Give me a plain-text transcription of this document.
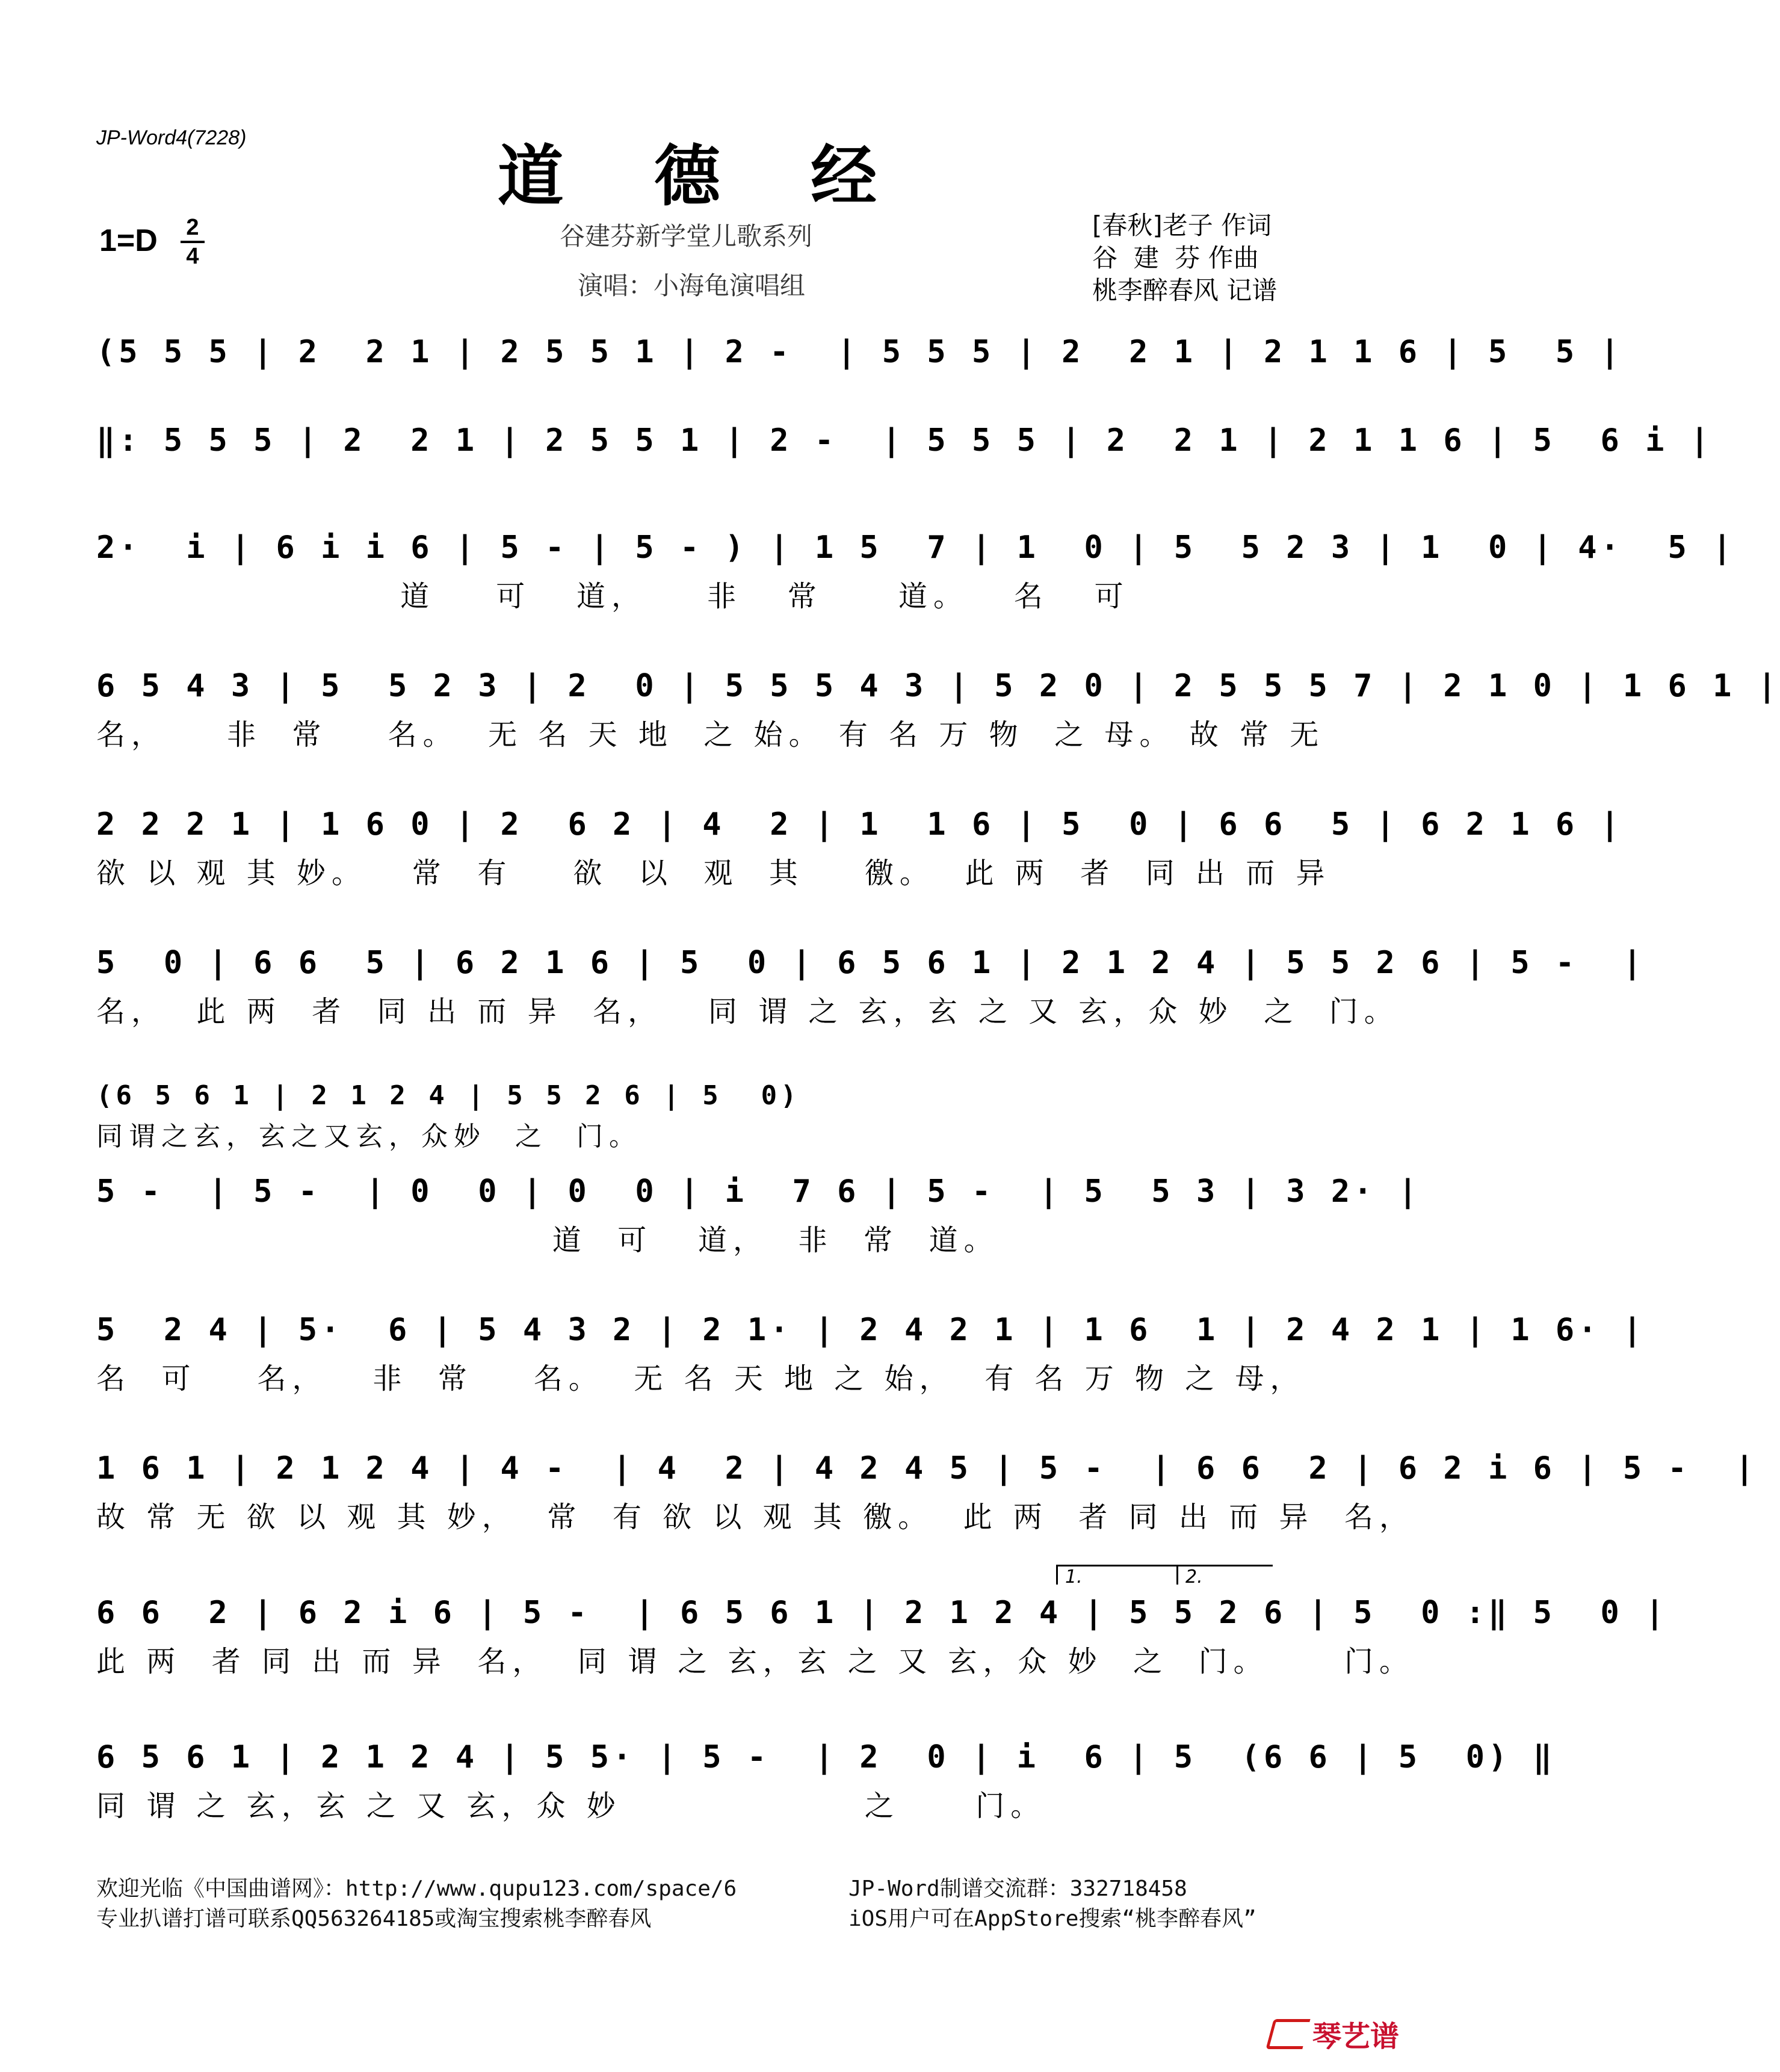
JP-Word4(7228)	道 德 经
1=D 2
4
谷建芬新学堂儿歌系列
演唱：小海龟演唱组
[春秋]老子 作词
谷  建  芬 作曲
桃李醉春风 记谱
(5 5 5 | 2  2 1 | 2 5 5 1 | 2 -  | 5 5 5 | 2  2 1 | 2 1 1 6 | 5  5 |
‖: 5 5 5 | 2  2 1 | 2 5 5 1 | 2 -  | 5 5 5 | 2  2 1 | 2 1 1 6 | 5  6 i |
2·  i | 6 i i 6 | 5 - | 5 - ) | 1 5  7 | 1  0 | 5  5 2 3 | 1  0 | 4·  5 |
道    可   道，    非   常     道。   名   可
6 5 4 3 | 5  5 2 3 | 2  0 | 5 5 5 4 3 | 5 2 0 | 2 5 5 5 7 | 2 1 0 | 1 6 1 |
名，    非  常    名。  无 名 天 地  之 始。 有 名 万 物  之 母。 故 常 无
2 2 2 1 | 1 6 0 | 2  6 2 | 4  2 | 1  1 6 | 5  0 | 6 6  5 | 6 2 1 6 |
欲 以 观 其 妙。   常  有    欲  以  观  其    徼。  此 两  者  同 出 而 异
5  0 | 6 6  5 | 6 2 1 6 | 5  0 | 6 5 6 1 | 2 1 2 4 | 5 5 2 6 | 5 -  |
名，  此 两  者  同 出 而 异  名，   同 谓 之 玄，玄 之 又 玄，众 妙  之  门。
(6 5 6 1 | 2 1 2 4 | 5 5 2 6 | 5  0)
同谓之玄，玄之又玄，众妙  之  门。
5 -  | 5 -  | 0  0 | 0  0 | i  7 6 | 5 -  | 5  5 3 | 3 2· |
道  可   道，  非  常  道。
5  2 4 | 5·  6 | 5 4 3 2 | 2 1· | 2 4 2 1 | 1 6  1 | 2 4 2 1 | 1 6· |
名  可    名，   非  常    名。  无 名 天 地 之 始，  有 名 万 物 之 母，
1 6 1 | 2 1 2 4 | 4 -  | 4  2 | 4 2 4 5 | 5 -  | 6 6  2 | 6 2 i 6 | 5 -  |
故 常 无 欲 以 观 其 妙，  常  有 欲 以 观 其 徼。  此 两  者 同 出 而 异  名，
1.	2.
6 6  2 | 6 2 i 6 | 5 -  | 6 5 6 1 | 2 1 2 4 | 5 5 2 6 | 5  0 :‖ 5  0 |
此 两  者 同 出 而 异  名，  同 谓 之 玄，玄 之 又 玄，众 妙  之  门。     门。
6 5 6 1 | 2 1 2 4 | 5 5· | 5 -  | 2  0 | i  6 | 5  (6 6 | 5  0) ‖
同 谓 之 玄，玄 之 又 玄，众 妙                之     门。
欢迎光临《中国曲谱网》：http://www.qupu123.com/space/6
专业扒谱打谱可联系QQ563264185或淘宝搜索桃李醉春风
JP-Word制谱交流群：332718458
iOS用户可在AppStore搜索“桃李醉春风”
琴艺谱
